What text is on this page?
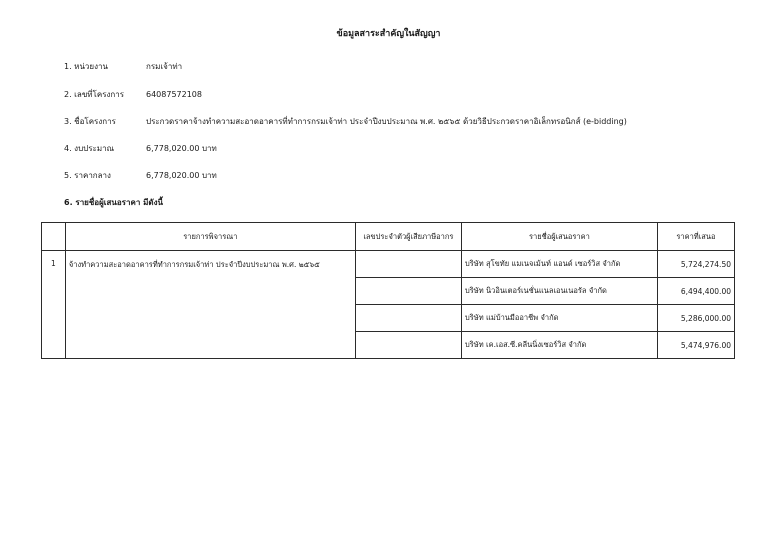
ข้อมูลสาระสำคัญในสัญญา
1. หน่วยงาน	กรมเจ้าท่า
2. เลขที่โครงการ	64087572108
3. ชื่อโครงการ	ประกวดราคาจ้างทำความสะอาดอาคารที่ทำการกรมเจ้าท่า ประจำปีงบประมาณ พ.ศ. ๒๕๖๕ ด้วยวิธีประกวดราคาอิเล็กทรอนิกส์ (e-bidding)
4. งบประมาณ	6,778,020.00 บาท
5. ราคากลาง	6,778,020.00 บาท
6. รายชื่อผู้เสนอราคา มีดังนี้
	รายการพิจารณา	เลขประจำตัวผู้เสียภาษีอากร	รายชื่อผู้เสนอราคา	ราคาที่เสนอ
1	จ้างทำความสะอาดอาคารที่ทำการกรมเจ้าท่า ประจำปีงบประมาณ พ.ศ. ๒๕๖๕		บริษัท สุโขทัย แมเนจเม้นท์ แอนด์ เซอร์วิส จำกัด	5,724,274.50
			บริษัท นิวอินเตอร์เนชั่นแนลเอนเนอรัล จำกัด	6,494,400.00
			บริษัท แม่บ้านมืออาชีพ จำกัด	5,286,000.00
			บริษัท เค.เอส.ซี.คลีนนิ่งเซอร์วิส จำกัด	5,474,976.00
